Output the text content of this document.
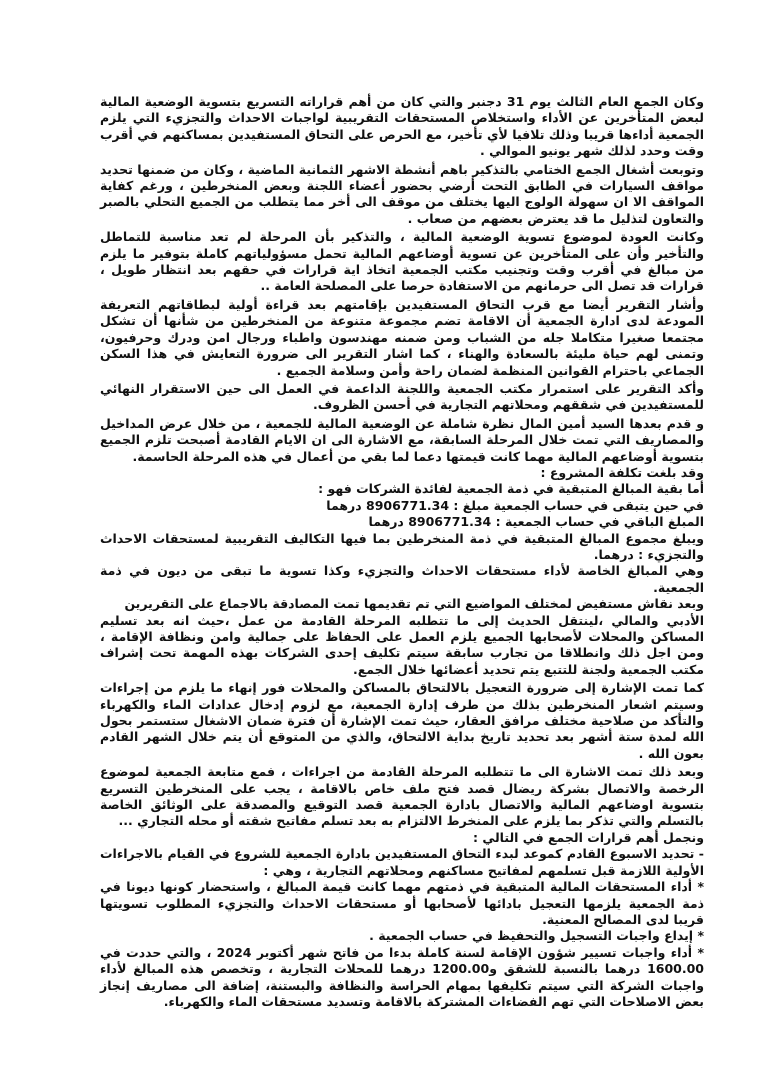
وكان الجمع العام الثالث يوم 31 دجنبر والتي كان من أهم قراراته التسريع بتسوية الوضعية المالية لبعض المتأخرين عن الأداء واستخلاص المستحقات التقريبية لواجبات الاحداث والتجزيء التي يلزم الجمعية أداءها قريبا وذلك تلافيا لأي تأخير، مع الحرص على التحاق المستفيدين بمساكنهم في أقرب وقت وحدد لذلك شهر يونيو الموالي .

وتوبعت أشغال الجمع الختامي بالتذكير باهم أنشطة الاشهر الثمانية الماضية ، وكان من ضمنها تحديد مواقف السيارات في الطابق التحت أرضي بحضور أعضاء اللجنة وبعض المنخرطين ، ورغم كفاية المواقف الا ان سهولة الولوج اليها يختلف من موقف الى أخر مما يتطلب من الجميع التحلي بالصبر والتعاون لتذليل ما قد يعترض بعضهم من صعاب .

وكانت العودة لموضوع تسوية الوضعية المالية ، والتذكير بأن المرحلة لم تعد مناسبة للتماطل والتأخير وأن على المتأخرين عن تسوية أوضاعهم المالية تحمل مسؤولياتهم كاملة بتوفير ما يلزم من مبالغ في أقرب وقت وتجنيب مكتب الجمعية اتخاذ اية قرارات في حقهم بعد انتظار طويل ، قرارات قد تصل الى حرمانهم من الاستفادة حرصا على المصلحة العامة ..

وأشار التقرير أيضا مع قرب التحاق المستفيدين بإقامتهم بعد قراءة أولية لبطاقاتهم التعريفة المودعة لدى ادارة الجمعية أن الاقامة تضم مجموعة متنوعة من المنخرطين من شأنها أن تشكل مجتمعا صغيرا متكاملا جله من الشباب ومن ضمنه مهندسون واطباء ورجال امن ودرك وحرفيون، وتمنى لهم حياة مليئة بالسعادة والهناء ، كما اشار التقرير الى ضرورة التعايش في هذا السكن الجماعي باحترام القوانين المنظمة لضمان راحة وأمن وسلامة الجميع .

وأكد التقرير على استمرار مكتب الجمعية واللجنة الداعمة في العمل الى حين الاستقرار النهائي للمستفيدين في شققهم ومحلاتهم التجارية في أحسن الظروف.

و قدم بعدها السيد أمين المال نظرة شاملة عن الوضعية المالية للجمعية ، من خلال عرض المداخيل والمصاريف التي تمت خلال المرحلة السابقة، مع الاشارة الى ان الايام القادمة أصبحت تلزم الجميع بتسوية أوضاعهم المالية مهما كانت قيمتها دعما لما بقي من أعمال في هذه المرحلة الحاسمة.

وقد بلغت تكلفة المشروع :

أما بقية المبالغ المتبقية في ذمة الجمعية لفائدة الشركات فهو :

في حين يتبقى في حساب الجمعية مبلغ : 8906771.34 درهما

المبلغ الباقي في حساب الجمعية : 8906771.34 درهما

ويبلغ مجموع المبالغ المتبقية في ذمة المنخرطين بما فيها التكاليف التقريبية لمستحقات الاحداث والتجزيء : درهما.

وهي المبالغ الخاصة لأداء مستحقات الاحداث والتجزيء وكذا تسوية ما تبقى من ديون في ذمة الجمعية.

وبعد نقاش مستفيض لمختلف المواضيع التي تم تقديمها تمت المصادقة بالاجماع على التقريرين

الأدبي والمالي ،لينتقل الحديث إلى ما تتطلبه المرحلة القادمة من عمل ،حيث انه بعد تسليم المساكن والمحلات لأصحابها الجميع يلزم العمل على الحفاظ على جمالية وامن ونظافة الإقامة ، ومن اجل ذلك وانطلاقا من تجارب سابقة سيتم تكليف إحدى الشركات بهذه المهمة تحت إشراف مكتب الجمعية ولجنة للتتبع يتم تحديد أعضائها خلال الجمع.

كما تمت الإشارة إلى ضرورة التعجيل بالالتحاق بالمساكن والمحلات فور إنهاء ما يلزم من إجراءات وسيتم اشعار المنخرطين بذلك من طرف إدارة الجمعية، مع لزوم إدخال عدادات الماء والكهرباء والتأكد من صلاحية مختلف مرافق العقار، حيث تمت الإشارة أن فترة ضمان الاشغال ستستمر بحول الله لمدة ستة أشهر بعد تحديد تاريخ بداية الالتحاق، والذي من المتوقع أن يتم خلال الشهر القادم بعون الله .

وبعد ذلك تمت الاشارة الى ما تتطلبه المرحلة القادمة من اجراءات ، فمع متابعة الجمعية لموضوع الرخصة والاتصال بشركة ريضال قصد فتح ملف خاص بالاقامة ، يجب على المنخرطين التسريع بتسوية اوضاعهم المالية والاتصال بادارة الجمعية قصد التوقيع والمصدقة على الوثائق الخاصة بالتسلم والتي تذكر بما يلزم على المنخرط الالتزام به بعد تسلم مفاتيح شقته أو محله التجاري ...

ونجمل أهم قرارات الجمع في التالي :

- تحديد الاسبوع القادم كموعد لبدء التحاق المستفيدين بادارة الجمعية للشروع في القيام بالاجراءات الأولية اللازمة قبل تسلمهم لمفاتيح مساكنهم ومحلاتهم التجارية ، وهي :

* أداء المستحقات المالية المتبقية في ذمتهم مهما كانت قيمة المبالغ ، واستحضار كونها ديونا في ذمة الجمعية يلزمها التعجيل بادائها لأصحابها أو مستحقات الاحداث والتجزيء المطلوب تسويتها قريبا لدى المصالح المعنية.

* إيداع واجبات التسجيل والتحفيظ في حساب الجمعية .

* أداء واجبات تسيير شؤون الإقامة لسنة كاملة بدءا من فاتح شهر أكتوبر 2024 ، والتي حددت في 1600.00 درهما بالنسبة للشقق و1200.00 درهما للمحلات التجارية ، وتخصص هذه المبالغ لأداء واجبات الشركة التي سيتم تكليفها بمهام الحراسة والنظافة والبستنة، إضافة الى مصاريف إنجاز بعض الاصلاحات التي تهم الفضاءات المشتركة بالاقامة وتسديد مستحقات الماء والكهرباء.
